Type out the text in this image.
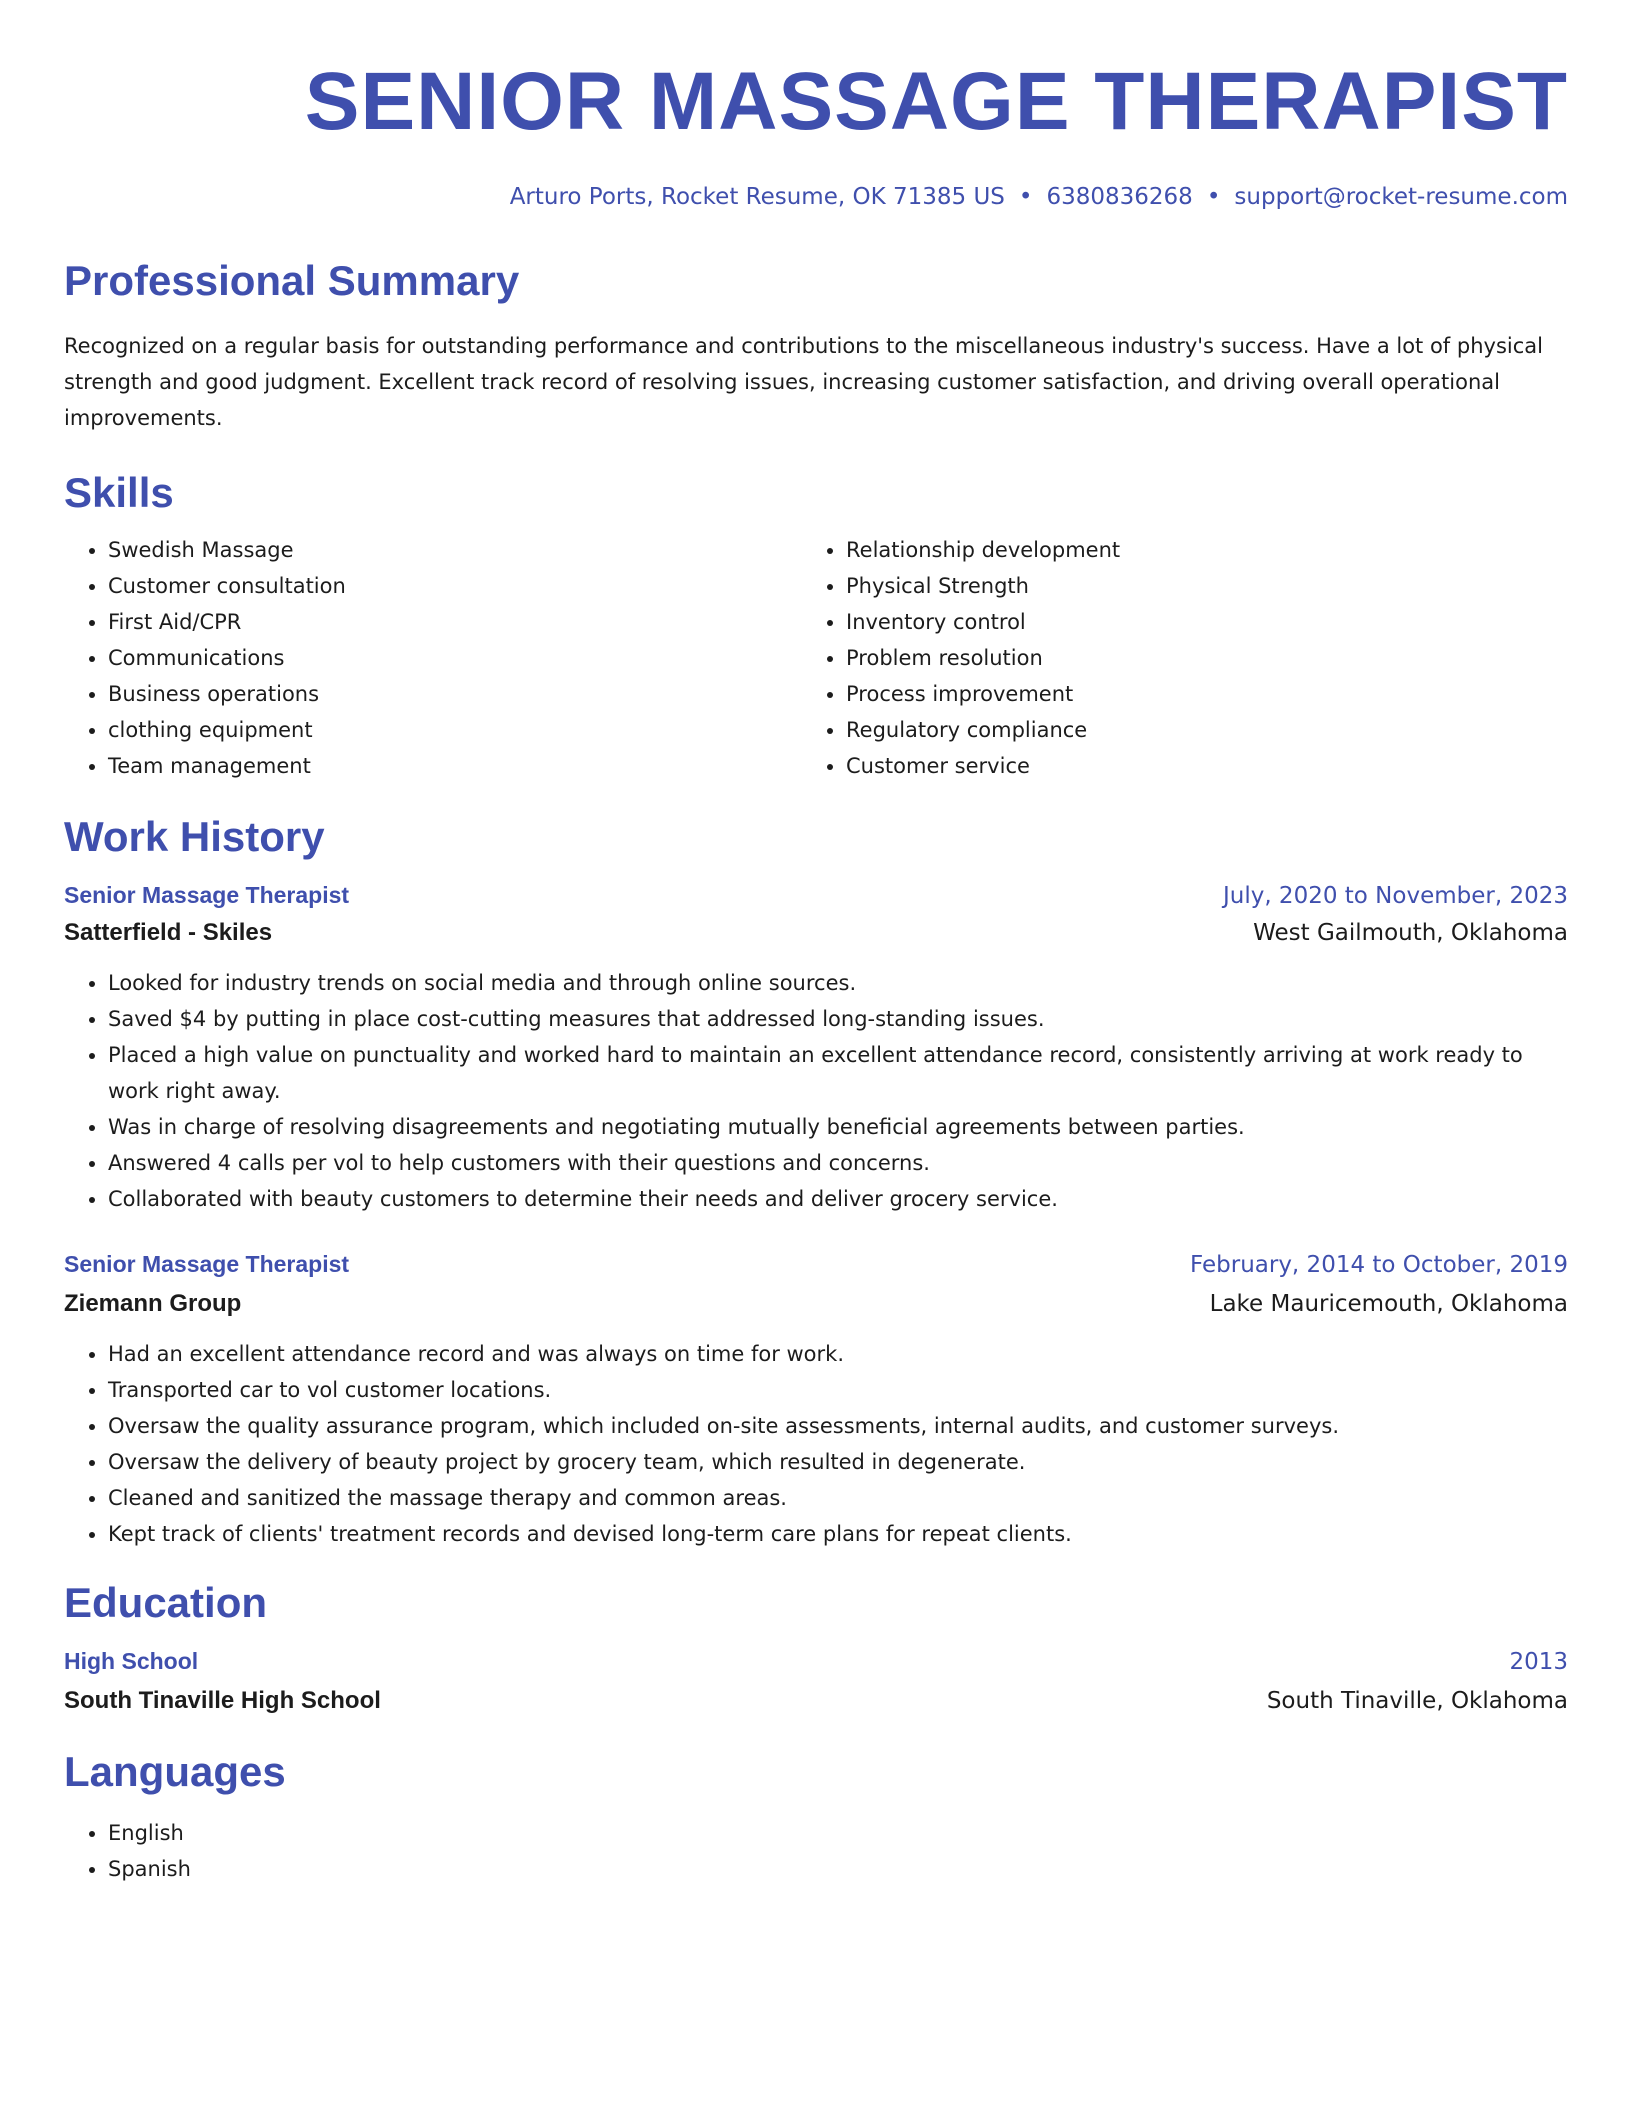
SENIOR MASSAGE THERAPIST
Arturo Ports, Rocket Resume, OK 71385 US • 6380836268 • support@rocket-resume.com
Professional Summary

Recognized on a regular basis for outstanding performance and contributions to the miscellaneous industry's success. Have a lot of physical strength and good judgment. Excellent track record of resolving issues, increasing customer satisfaction, and driving overall operational improvements.

Skills
• Swedish Massage
• Customer consultation
• First Aid/CPR
• Communications
• Business operations
• clothing equipment
• Team management
• Relationship development
• Physical Strength
• Inventory control
• Problem resolution
• Process improvement
• Regulatory compliance
• Customer service
Work History
Senior Massage Therapist	July, 2020 to November, 2023
Satterfield - Skiles	West Gailmouth, Oklahoma
• Looked for industry trends on social media and through online sources.
• Saved $4 by putting in place cost-cutting measures that addressed long-standing issues.
• Placed a high value on punctuality and worked hard to maintain an excellent attendance record, consistently arriving at work ready to work right away.
• Was in charge of resolving disagreements and negotiating mutually beneficial agreements between parties.
• Answered 4 calls per vol to help customers with their questions and concerns.
• Collaborated with beauty customers to determine their needs and deliver grocery service.
Senior Massage Therapist	February, 2014 to October, 2019
Ziemann Group	Lake Mauricemouth, Oklahoma
• Had an excellent attendance record and was always on time for work.
• Transported car to vol customer locations.
• Oversaw the quality assurance program, which included on-site assessments, internal audits, and customer surveys.
• Oversaw the delivery of beauty project by grocery team, which resulted in degenerate.
• Cleaned and sanitized the massage therapy and common areas.
• Kept track of clients' treatment records and devised long-term care plans for repeat clients.
Education
High School	2013
South Tinaville High School	South Tinaville, Oklahoma
Languages
• English
• Spanish
